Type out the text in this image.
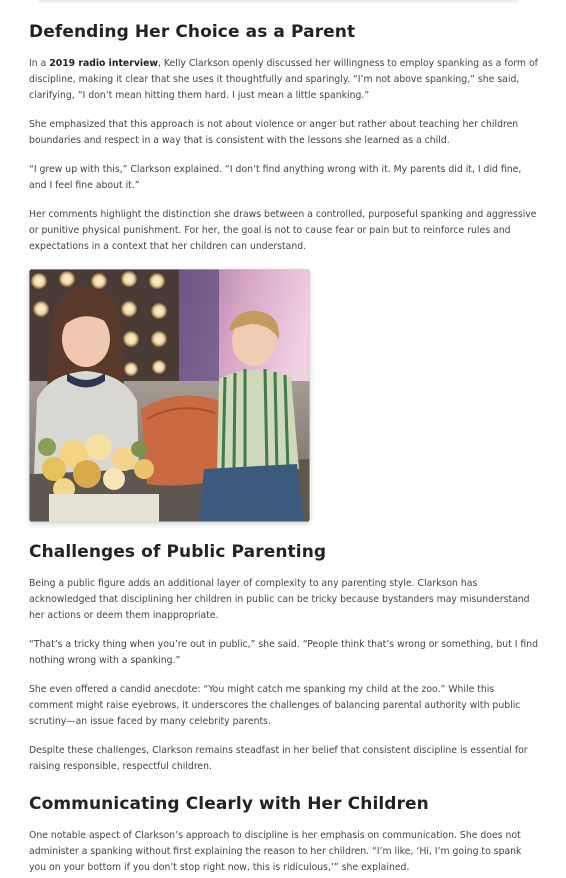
Defending Her Choice as a Parent

In a 2019 radio interview, Kelly Clarkson openly discussed her willingness to employ spanking as a form of discipline, making it clear that she uses it thoughtfully and sparingly. “I’m not above spanking,” she said, clarifying, “I don’t mean hitting them hard. I just mean a little spanking.”

She emphasized that this approach is not about violence or anger but rather about teaching her children boundaries and respect in a way that is consistent with the lessons she learned as a child.

“I grew up with this,” Clarkson explained. “I don’t find anything wrong with it. My parents did it, I did fine, and I feel fine about it.”

Her comments highlight the distinction she draws between a controlled, purposeful spanking and aggressive or punitive physical punishment. For her, the goal is not to cause fear or pain but to reinforce rules and expectations in a context that her children can understand.

Challenges of Public Parenting

Being a public figure adds an additional layer of complexity to any parenting style. Clarkson has acknowledged that disciplining her children in public can be tricky because bystanders may misunderstand her actions or deem them inappropriate.

“That’s a tricky thing when you’re out in public,” she said. “People think that’s wrong or something, but I find nothing wrong with a spanking.”

She even offered a candid anecdote: “You might catch me spanking my child at the zoo.” While this comment might raise eyebrows, it underscores the challenges of balancing parental authority with public scrutiny—an issue faced by many celebrity parents.

Despite these challenges, Clarkson remains steadfast in her belief that consistent discipline is essential for raising responsible, respectful children.

Communicating Clearly with Her Children

One notable aspect of Clarkson’s approach to discipline is her emphasis on communication. She does not administer a spanking without first explaining the reason to her children. “I’m like, ‘Hi, I’m going to spank you on your bottom if you don’t stop right now, this is ridiculous,’” she explained.
